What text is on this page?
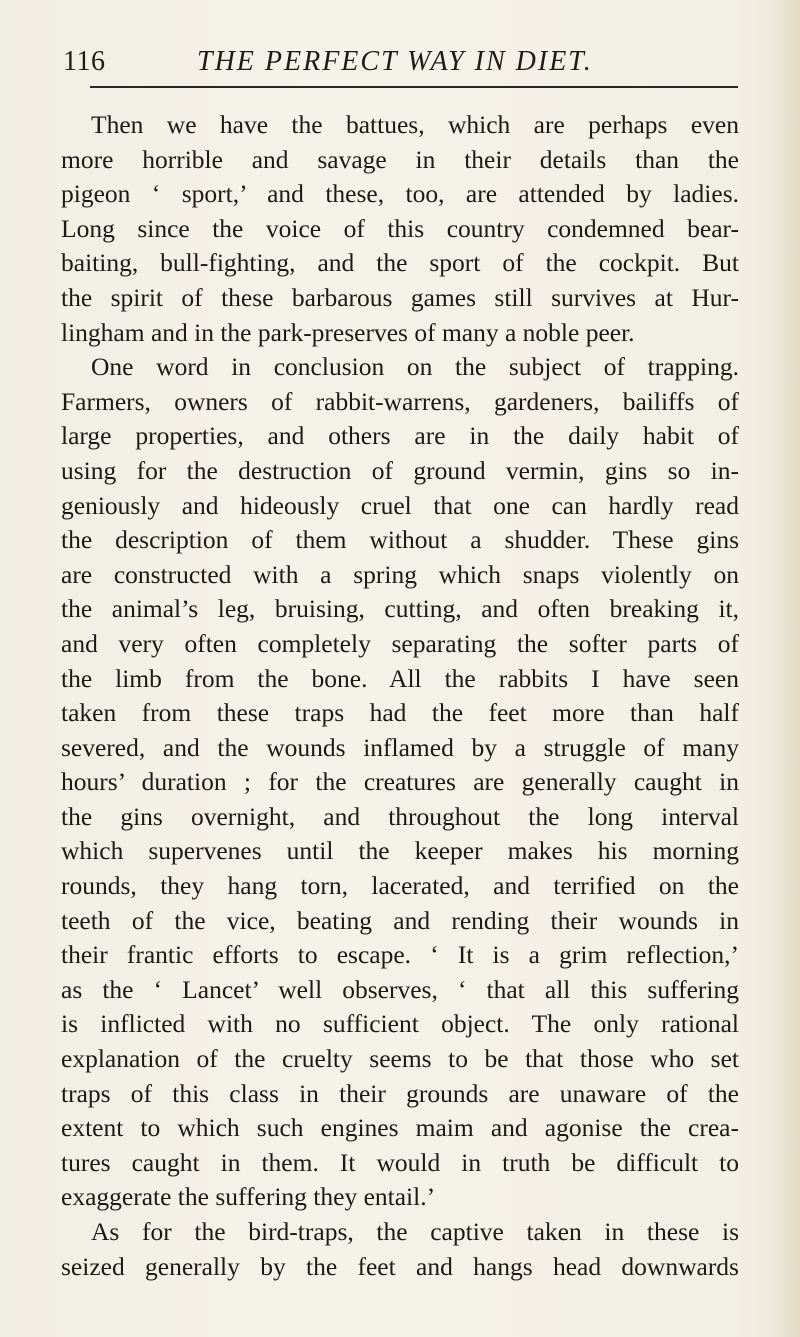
116	THE PERFECT WAY IN DIET.
Then we have the battues, which are perhaps even
more horrible and savage in their details than the
pigeon ‘ sport,’ and these, too, are attended by ladies.
Long since the voice of this country condemned bear-
baiting, bull-fighting, and the sport of the cockpit. But
the spirit of these barbarous games still survives at Hur-
lingham and in the park-preserves of many a noble peer.
One word in conclusion on the subject of trapping.
Farmers, owners of rabbit-warrens, gardeners, bailiffs of
large properties, and others are in the daily habit of
using for the destruction of ground vermin, gins so in-
geniously and hideously cruel that one can hardly read
the description of them without a shudder. These gins
are constructed with a spring which snaps violently on
the animal’s leg, bruising, cutting, and often breaking it,
and very often completely separating the softer parts of
the limb from the bone. All the rabbits I have seen
taken from these traps had the feet more than half
severed, and the wounds inflamed by a struggle of many
hours’ duration ; for the creatures are generally caught in
the gins overnight, and throughout the long interval
which supervenes until the keeper makes his morning
rounds, they hang torn, lacerated, and terrified on the
teeth of the vice, beating and rending their wounds in
their frantic efforts to escape. ‘ It is a grim reflection,’
as the ‘ Lancet’ well observes, ‘ that all this suffering
is inflicted with no sufficient object. The only rational
explanation of the cruelty seems to be that those who set
traps of this class in their grounds are unaware of the
extent to which such engines maim and agonise the crea-
tures caught in them. It would in truth be difficult to
exaggerate the suffering they entail.’
As for the bird-traps, the captive taken in these is
seized generally by the feet and hangs head downwards
